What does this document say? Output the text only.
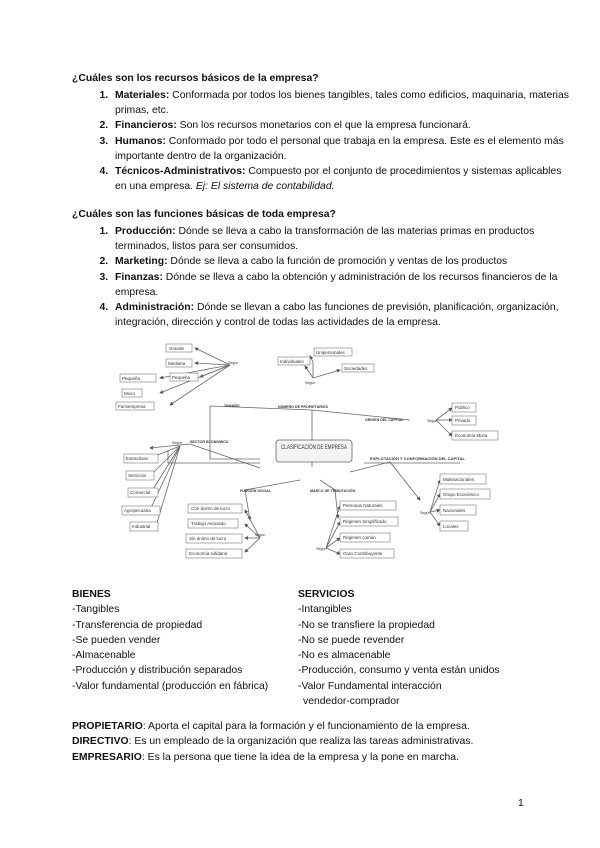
¿Cuáles son los recursos básicos de la empresa?
1. Materiales: Conformada por todos los bienes tangibles, tales como edificios, maquinaria, materias primas, etc.
2. Financieros: Son los recursos monetarios con el que la empresa funcionará.
3. Humanos: Conformado por todo el personal que trabaja en la empresa. Este es el elemento más importante dentro de la organización.
4. Técnicos-Administrativos: Compuesto por el conjunto de procedimientos y sistemas aplicables en una empresa. Ej: El sistema de contabilidad.
¿Cuáles son las funciones básicas de toda empresa?
1. Producción: Dónde se lleva a cabo la transformación de las materias primas en productos terminados, listos para ser consumidos.
2. Marketing: Dónde se lleva a cabo la función de promoción y ventas de los productos
3. Finanzas: Dónde se lleva a cabo la obtención y administración de los recursos financieros de la empresa.
4. Administración: Dónde se llevan a cabo las funciones de previsión, planificación, organización, integración, dirección y control de todas las actividades de la empresa.
CLASIFICACIÓN DE EMPRESA
TAMAÑO	NÚMERO DE PROPIETARIOS
ORIGEN DEL CAPITAL
SECTOR ECONÓMICO
FUNCIÓN SOCIAL	MARCO DE TRIBUTACIÓN
EXPLOTACIÓN Y CONFORMACIÓN DEL CAPITAL
Grande
Mediana
Pequeña
Pequeña
Micro
Famiempresa
Individuales
Unipersonales
Sociedades
Público
Privado
Economía Mixta
Extractivas
Servicios
Comercial
Agropecuaria
Industrial
Con ánimo de lucro
Trabajo Asociado
Sin ánimo de lucro
Economía solidaria
Personas Naturales
Régimen Simplificado
Régimen común
Gran Contribuyente
Multinacionales
Grupo Económico
Nacionales
Locales
Según
Según
Según
Según
Según
Según
Según
BIENES
-Tangibles
-Transferencia de propiedad
-Se pueden vender
-Almacenable
-Producción y distribución separados
-Valor fundamental (producción en fábrica)
SERVICIOS
-Intangibles
-No se transfiere la propiedad
-No se puede revender
-No es almacenable
-Producción, consumo y venta están unidos
-Valor Fundamental interacción
vendedor-comprador
PROPIETARIO: Aporta el capital para la formación y el funcionamiento de la empresa.
DIRECTIVO: Es un empleado de la organización que realiza las tareas administrativas.
EMPRESARIO: Es la persona que tiene la idea de la empresa y la pone en marcha.
1
